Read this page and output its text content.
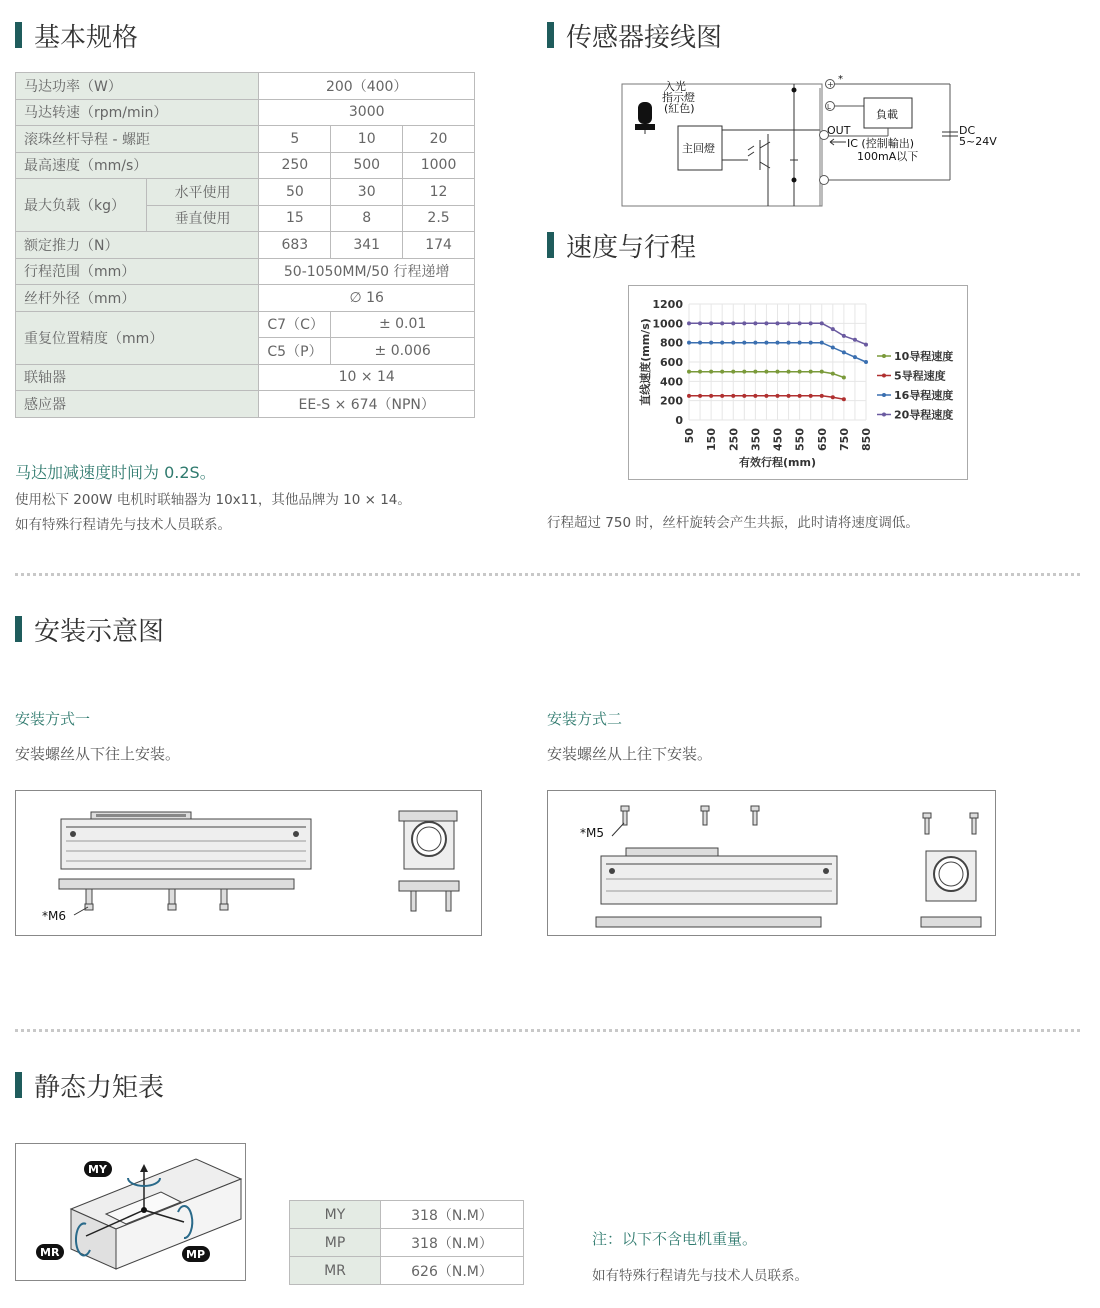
基本规格
马达功率（W）		200（400）		
马达转速（rpm/min）		3000		
滚珠丝杆导程 - 螺距		5	10	20
最高速度（mm/s）		250	500	1000
最大负载（kg）	水平使用	50	30	12
	垂直使用	15	8	2.5
额定推力（N）		683	341	174
行程范围（mm）		50-1050MM/50 行程递增		
丝杆外径（mm）		∅ 16		
重复位置精度（mm）		C7（C）	± 0.01	
		C5（P）	± 0.006	
联轴器		10 × 14		
感应器		EE-S × 674（NPN）		
马达加减速度时间为 0.2S。
使用松下 200W 电机时联轴器为 10x11，其他品牌为 10 × 14。
如有特殊行程请先与技术人员联系。
传感器接线图
入光
指示燈
(紅色)
主回燈
+
L
*
負載
OUT	DC
5~24V
IC (控制輸出)
100mA以下
速度与行程
0
200
400
600
800
1000
1200
50 150 250 350 450 550 650 750 850
有效行程(mm)
直线速度(mm/s)	10导程速度
5导程速度
16导程速度
20导程速度
行程超过 750 时，丝杆旋转会产生共振，此时请将速度调低。
安装示意图
安装方式一
安装螺丝从下往上安装。
安装方式二
安装螺丝从上往下安装。
*M6
*M5
静态力矩表
MY
MR	MP
MY	318（N.M）
MP	318（N.M）
MR	626（N.M）
注：以下不含电机重量。
如有特殊行程请先与技术人员联系。
